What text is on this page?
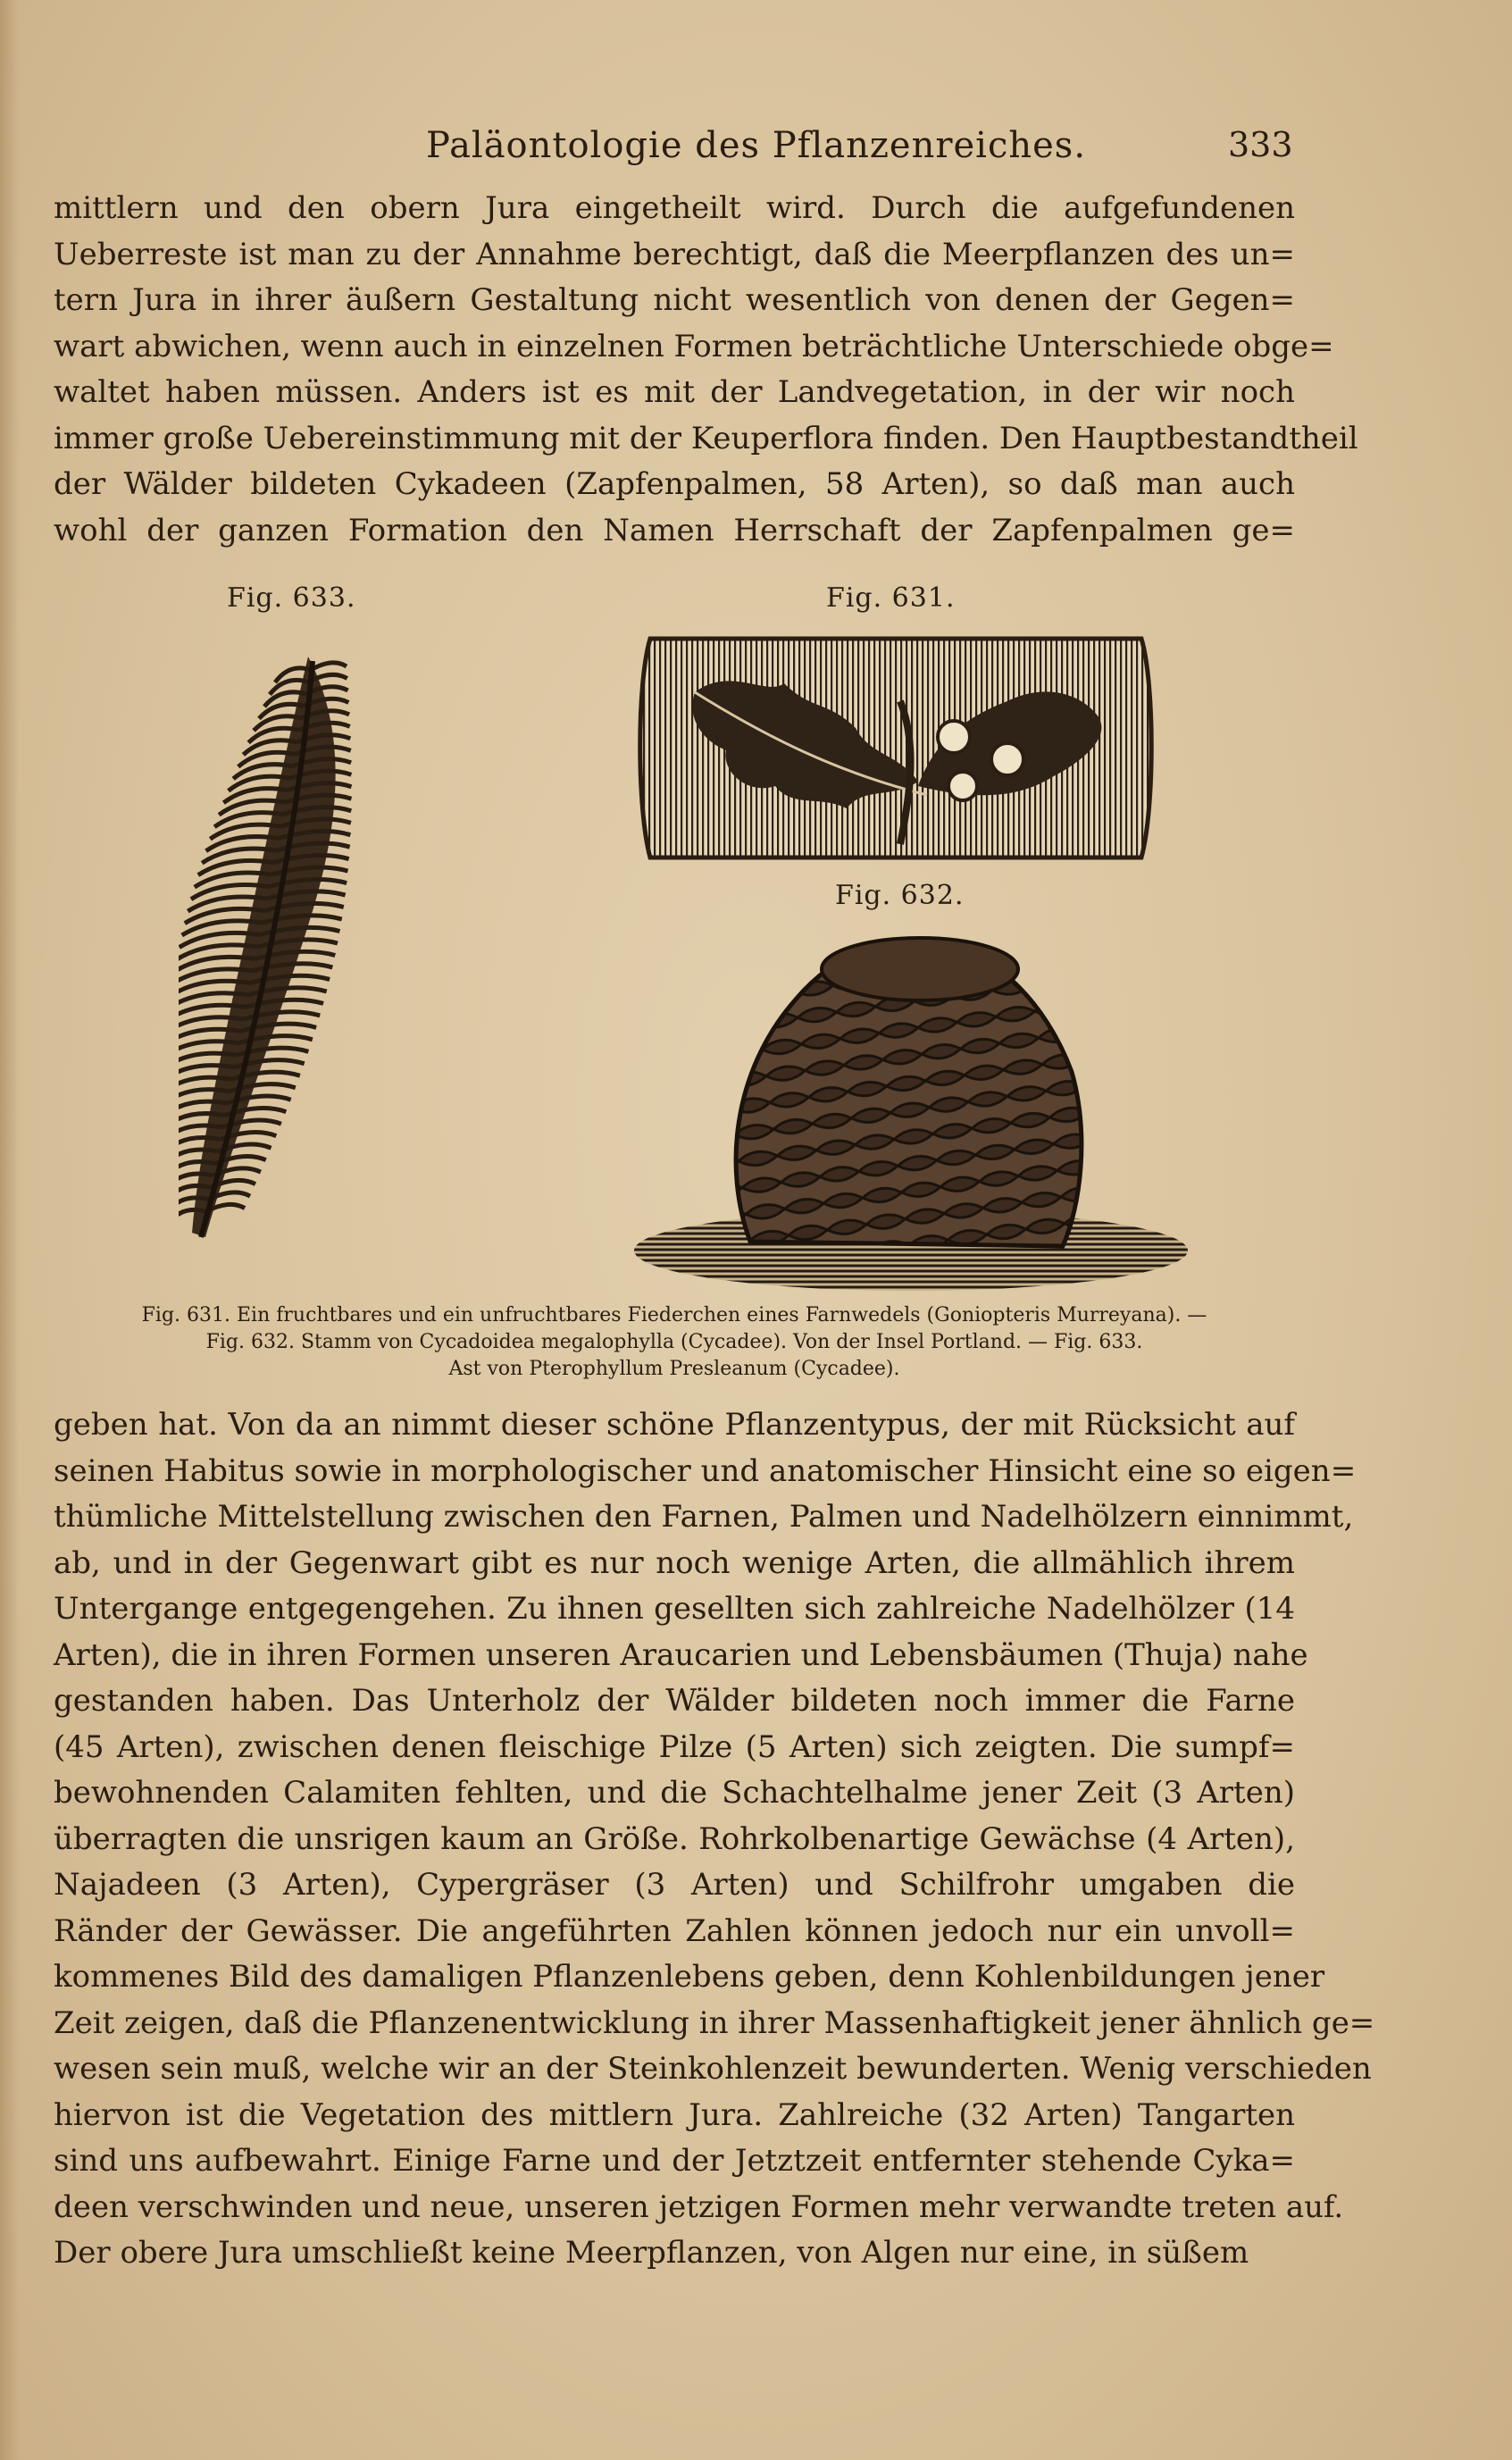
Paläontologie des Pflanzenreiches.	333
mittlern und den obern Jura eingetheilt wird. Durch die aufgefundenen
Ueberreste ist man zu der Annahme berechtigt, daß die Meerpflanzen des un=
tern Jura in ihrer äußern Gestaltung nicht wesentlich von denen der Gegen=
wart abwichen, wenn auch in einzelnen Formen beträchtliche Unterschiede obge=
waltet haben müssen. Anders ist es mit der Landvegetation, in der wir noch
immer große Uebereinstimmung mit der Keuperflora finden. Den Hauptbestandtheil
der Wälder bildeten Cykadeen (Zapfenpalmen, 58 Arten), so daß man auch
wohl der ganzen Formation den Namen Herrschaft der Zapfenpalmen ge=
Fig. 633.	Fig. 631.
Fig. 632.
Fig. 631. Ein fruchtbares und ein unfruchtbares Fiederchen eines Farnwedels (Goniopteris Murreyana). —
Fig. 632. Stamm von Cycadoidea megalophylla (Cycadee). Von der Insel Portland. — Fig. 633.
Ast von Pterophyllum Presleanum (Cycadee).
geben hat. Von da an nimmt dieser schöne Pflanzentypus, der mit Rücksicht auf
seinen Habitus sowie in morphologischer und anatomischer Hinsicht eine so eigen=
thümliche Mittelstellung zwischen den Farnen, Palmen und Nadelhölzern einnimmt,
ab, und in der Gegenwart gibt es nur noch wenige Arten, die allmählich ihrem
Untergange entgegengehen. Zu ihnen gesellten sich zahlreiche Nadelhölzer (14
Arten), die in ihren Formen unseren Araucarien und Lebensbäumen (Thuja) nahe
gestanden haben. Das Unterholz der Wälder bildeten noch immer die Farne
(45 Arten), zwischen denen fleischige Pilze (5 Arten) sich zeigten. Die sumpf=
bewohnenden Calamiten fehlten, und die Schachtelhalme jener Zeit (3 Arten)
überragten die unsrigen kaum an Größe. Rohrkolbenartige Gewächse (4 Arten),
Najadeen (3 Arten), Cypergräser (3 Arten) und Schilfrohr umgaben die
Ränder der Gewässer. Die angeführten Zahlen können jedoch nur ein unvoll=
kommenes Bild des damaligen Pflanzenlebens geben, denn Kohlenbildungen jener
Zeit zeigen, daß die Pflanzenentwicklung in ihrer Massenhaftigkeit jener ähnlich ge=
wesen sein muß, welche wir an der Steinkohlenzeit bewunderten. Wenig verschieden
hiervon ist die Vegetation des mittlern Jura. Zahlreiche (32 Arten) Tangarten
sind uns aufbewahrt. Einige Farne und der Jetztzeit entfernter stehende Cyka=
deen verschwinden und neue, unseren jetzigen Formen mehr verwandte treten auf.
Der obere Jura umschließt keine Meerpflanzen, von Algen nur eine, in süßem
